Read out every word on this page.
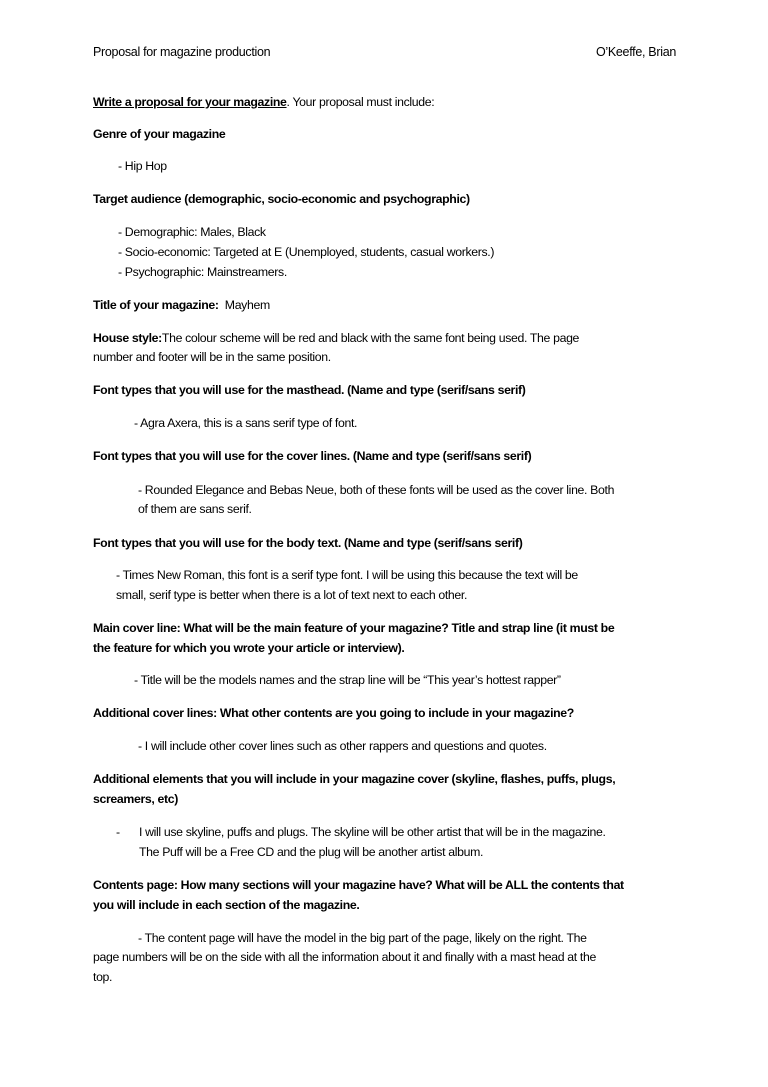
Proposal for magazine production	O’Keeffe, Brian
Write a proposal for your magazine. Your proposal must include:
Genre of your magazine
- Hip Hop
Target audience (demographic, socio-economic and psychographic)
- Demographic: Males, Black
- Socio-economic: Targeted at E (Unemployed, students, casual workers.)
- Psychographic: Mainstreamers.
Title of your magazine: Mayhem
House style:The colour scheme will be red and black with the same font being used. The page
number and footer will be in the same position.
Font types that you will use for the masthead. (Name and type (serif/sans serif)
- Agra Axera, this is a sans serif type of font.
Font types that you will use for the cover lines. (Name and type (serif/sans serif)
- Rounded Elegance and Bebas Neue, both of these fonts will be used as the cover line. Both
of them are sans serif.
Font types that you will use for the body text. (Name and type (serif/sans serif)
- Times New Roman, this font is a serif type font. I will be using this because the text will be
small, serif type is better when there is a lot of text next to each other.
Main cover line: What will be the main feature of your magazine? Title and strap line (it must be
the feature for which you wrote your article or interview).
- Title will be the models names and the strap line will be “This year’s hottest rapper”
Additional cover lines: What other contents are you going to include in your magazine?
- I will include other cover lines such as other rappers and questions and quotes.
Additional elements that you will include in your magazine cover (skyline, flashes, puffs, plugs,
screamers, etc)
- I will use skyline, puffs and plugs. The skyline will be other artist that will be in the magazine.
The Puff will be a Free CD and the plug will be another artist album.
Contents page: How many sections will your magazine have? What will be ALL the contents that
you will include in each section of the magazine.
- The content page will have the model in the big part of the page, likely on the right. The
page numbers will be on the side with all the information about it and finally with a mast head at the
top.
